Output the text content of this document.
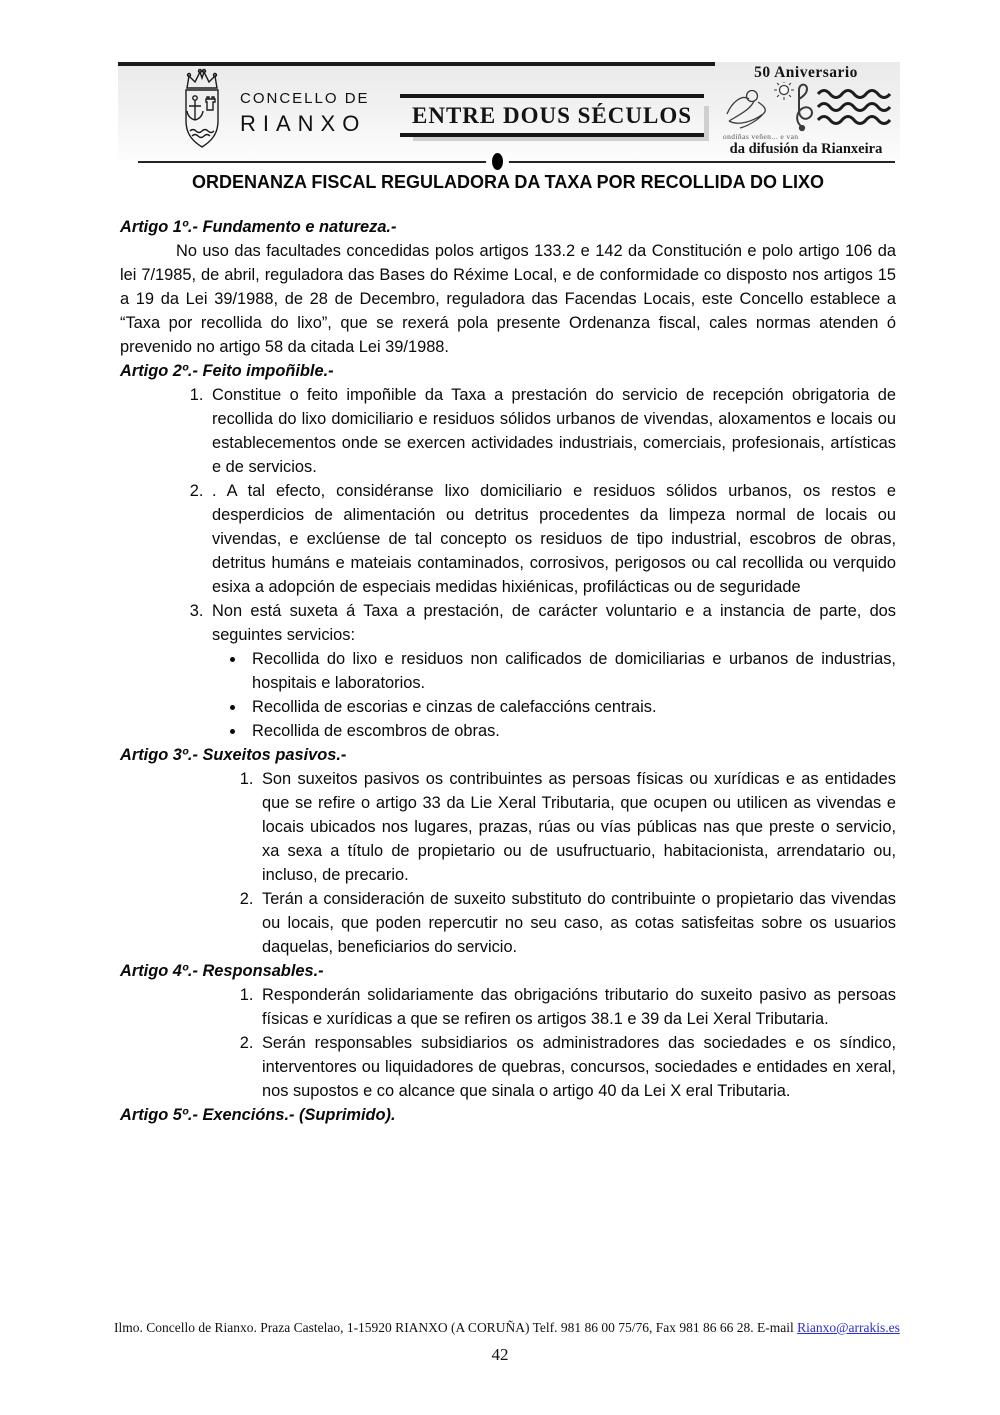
CONCELLO DE
RIANXO	ENTRE DOUS SÉCULOS
50 Aniversario
ondiñas veñen... e van
da difusión da Rianxeira
ORDENANZA FISCAL REGULADORA DA TAXA POR RECOLLIDA DO LIXO
Artigo 1º.- Fundamento e natureza.-

No uso das facultades concedidas polos artigos 133.2 e 142 da Constitución e polo artigo 106 da lei 7/1985, de abril, reguladora das Bases do Réxime Local, e de conformidade co disposto nos artigos 15  a 19 da Lei 39/1988, de 28 de Decembro, reguladora das Facendas Locais, este Concello establece a  “Taxa por recollida do lixo”, que se rexerá pola presente Ordenanza fiscal, cales normas atenden ó prevenido no artigo 58 da citada Lei 39/1988.

Artigo 2º.- Feito impoñible.-
1. Constitue o feito impoñible da Taxa a prestación do servicio de recepción obrigatoria de recollida do lixo domiciliario e residuos sólidos urbanos de vivendas, aloxamentos e locais ou establecementos onde se exercen actividades industriais, comerciais, profesionais, artísticas e de servicios.
2. . A tal efecto, considéranse lixo domiciliario e residuos sólidos urbanos, os restos e desperdicios de alimentación ou detritus procedentes da limpeza normal de locais ou vivendas, e exclúense de tal concepto os residuos de tipo industrial, escobros de obras, detritus humáns e mateiais contaminados, corrosivos, perigosos ou cal recollida ou verquido esixa a adopción de especiais medidas hixiénicas, profilácticas ou de seguridade
3. Non está suxeta á Taxa a prestación, de carácter voluntario e a instancia de parte, dos seguintes servicios:
• Recollida do lixo e residuos non calificados de domiciliarias e urbanos de industrias, hospitais e laboratorios.
• Recollida de escorias e cinzas de calefaccións centrais.
• Recollida de escombros de obras.
Artigo 3º.- Suxeitos pasivos.-
1. Son suxeitos pasivos os contribuintes as persoas físicas ou xurídicas e as entidades que se refire o artigo 33 da Lie Xeral Tributaria, que ocupen ou utilicen as vivendas e locais ubicados nos lugares, prazas, rúas ou vías públicas nas que preste o servicio, xa sexa a título de propietario ou de usufructuario, habitacionista, arrendatario ou, incluso, de precario.
2. Terán a consideración de suxeito substituto do contribuinte o propietario das vivendas ou locais, que poden repercutir no seu caso, as cotas satisfeitas sobre os usuarios daquelas, beneficiarios do servicio.
Artigo 4º.- Responsables.-
1. Responderán solidariamente das obrigacións tributario do suxeito pasivo as persoas físicas e xurídicas a que se refiren os artigos 38.1 e 39 da Lei Xeral Tributaria.
2. Serán responsables subsidiarios os administradores das sociedades e os síndico, interventores ou liquidadores de quebras, concursos, sociedades e entidades en xeral, nos supostos e co alcance que sinala o artigo 40 da Lei X eral Tributaria.
Artigo 5º.- Exencións.- (Suprimido).
Ilmo. Concello de Rianxo. Praza Castelao, 1-15920 RIANXO (A CORUÑA) Telf. 981 86 00 75/76, Fax 981 86 66 28. E-mail Rianxo@arrakis.es
42
